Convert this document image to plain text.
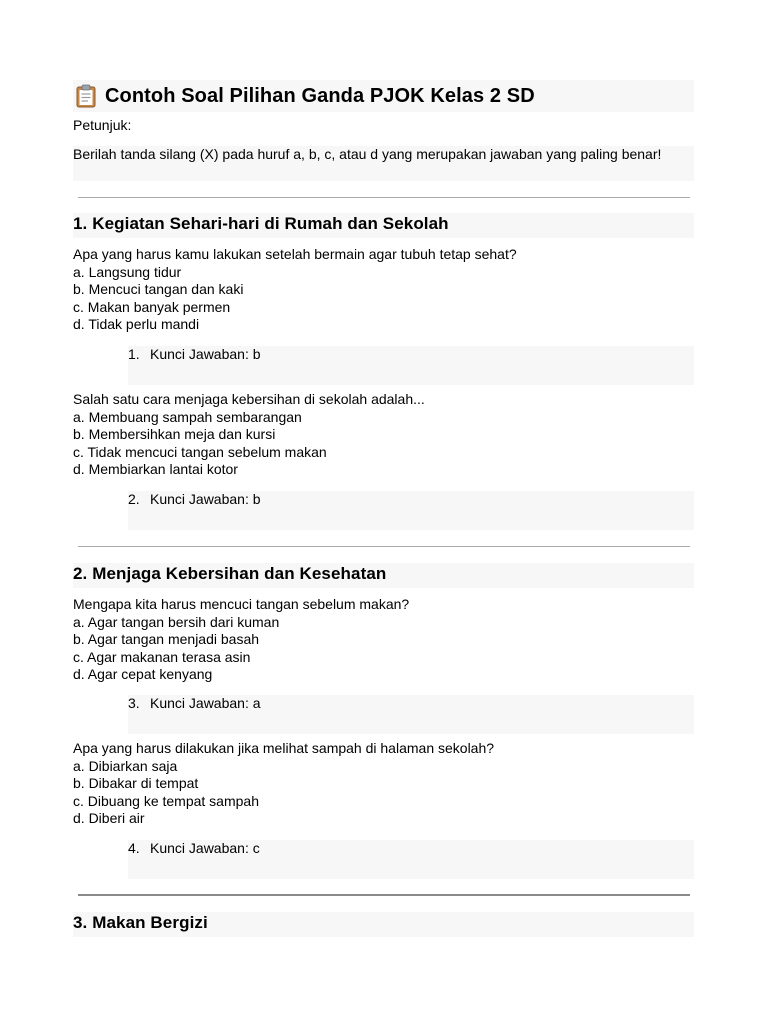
Contoh Soal Pilihan Ganda PJOK Kelas 2 SD
Petunjuk:
Berilah tanda silang (X) pada huruf a, b, c, atau d yang merupakan jawaban yang paling benar!
1. Kegiatan Sehari-hari di Rumah dan Sekolah
Apa yang harus kamu lakukan setelah bermain agar tubuh tetap sehat?
a. Langsung tidur
b. Mencuci tangan dan kaki
c. Makan banyak permen
d. Tidak perlu mandi
1. Kunci Jawaban: b
Salah satu cara menjaga kebersihan di sekolah adalah...
a. Membuang sampah sembarangan
b. Membersihkan meja dan kursi
c. Tidak mencuci tangan sebelum makan
d. Membiarkan lantai kotor
2. Kunci Jawaban: b
2. Menjaga Kebersihan dan Kesehatan
Mengapa kita harus mencuci tangan sebelum makan?
a. Agar tangan bersih dari kuman
b. Agar tangan menjadi basah
c. Agar makanan terasa asin
d. Agar cepat kenyang
3. Kunci Jawaban: a
Apa yang harus dilakukan jika melihat sampah di halaman sekolah?
a. Dibiarkan saja
b. Dibakar di tempat
c. Dibuang ke tempat sampah
d. Diberi air
4. Kunci Jawaban: c
3. Makan Bergizi
